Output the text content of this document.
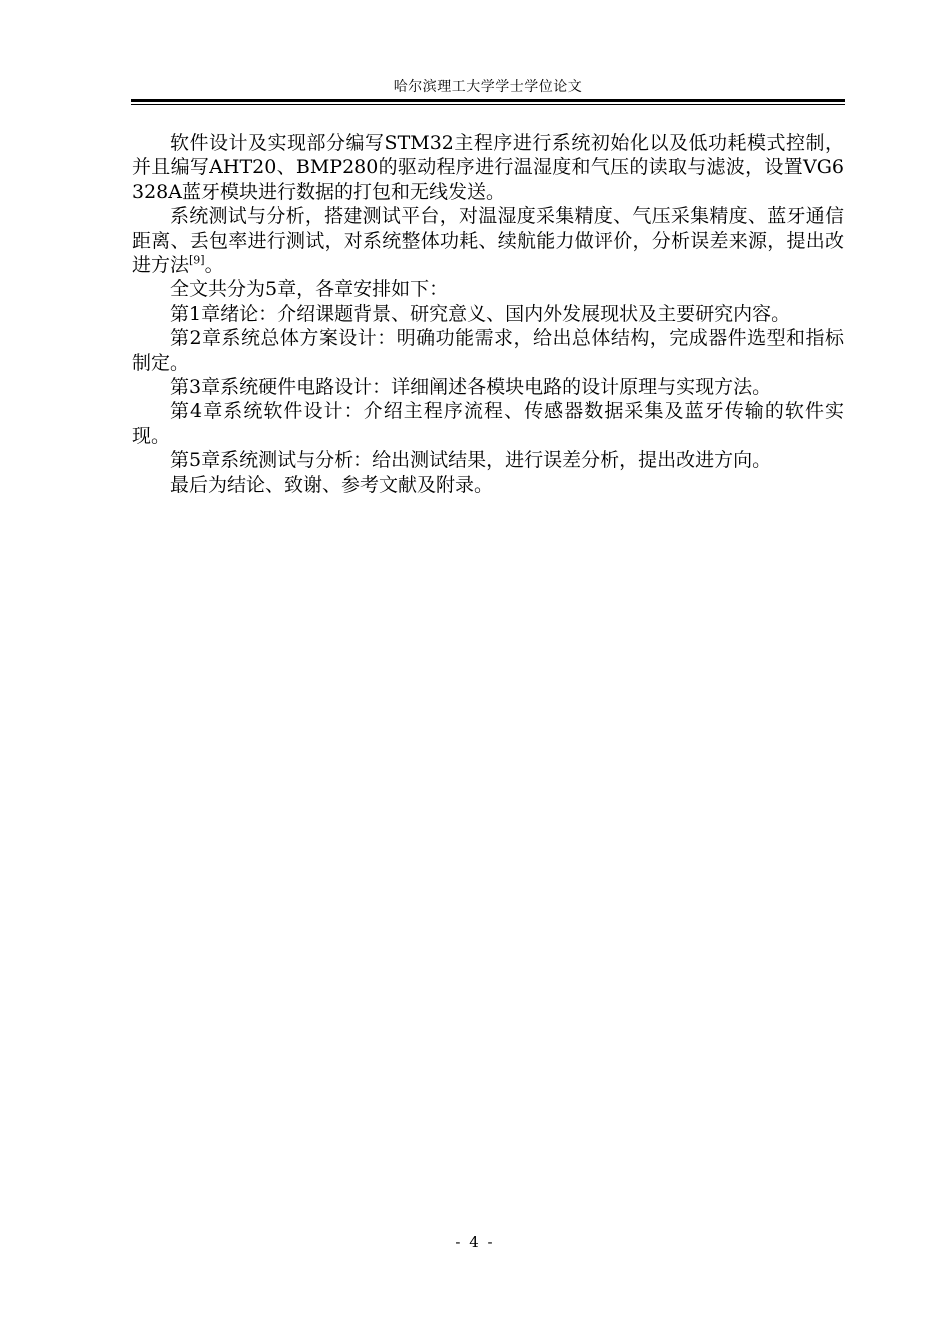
哈尔滨理工大学学士学位论文

软件设计及实现部分编写STM32主程序进行系统初始化以及低功耗模式控制，并且编写AHT20、BMP280的驱动程序进行温湿度和气压的读取与滤波，设置VG6328A蓝牙模块进行数据的打包和无线发送。

系统测试与分析，搭建测试平台，对温湿度采集精度、气压采集精度、蓝牙通信距离、丢包率进行测试，对系统整体功耗、续航能力做评价，分析误差来源，提出改进方法[9]。

全文共分为5章，各章安排如下：

第1章绪论：介绍课题背景、研究意义、国内外发展现状及主要研究内容。

第2章系统总体方案设计：明确功能需求，给出总体结构，完成器件选型和指标制定。

第3章系统硬件电路设计：详细阐述各模块电路的设计原理与实现方法。

第4章系统软件设计：介绍主程序流程、传感器数据采集及蓝牙传输的软件实现。

第5章系统测试与分析：给出测试结果，进行误差分析，提出改进方向。

最后为结论、致谢、参考文献及附录。

- 4 -
